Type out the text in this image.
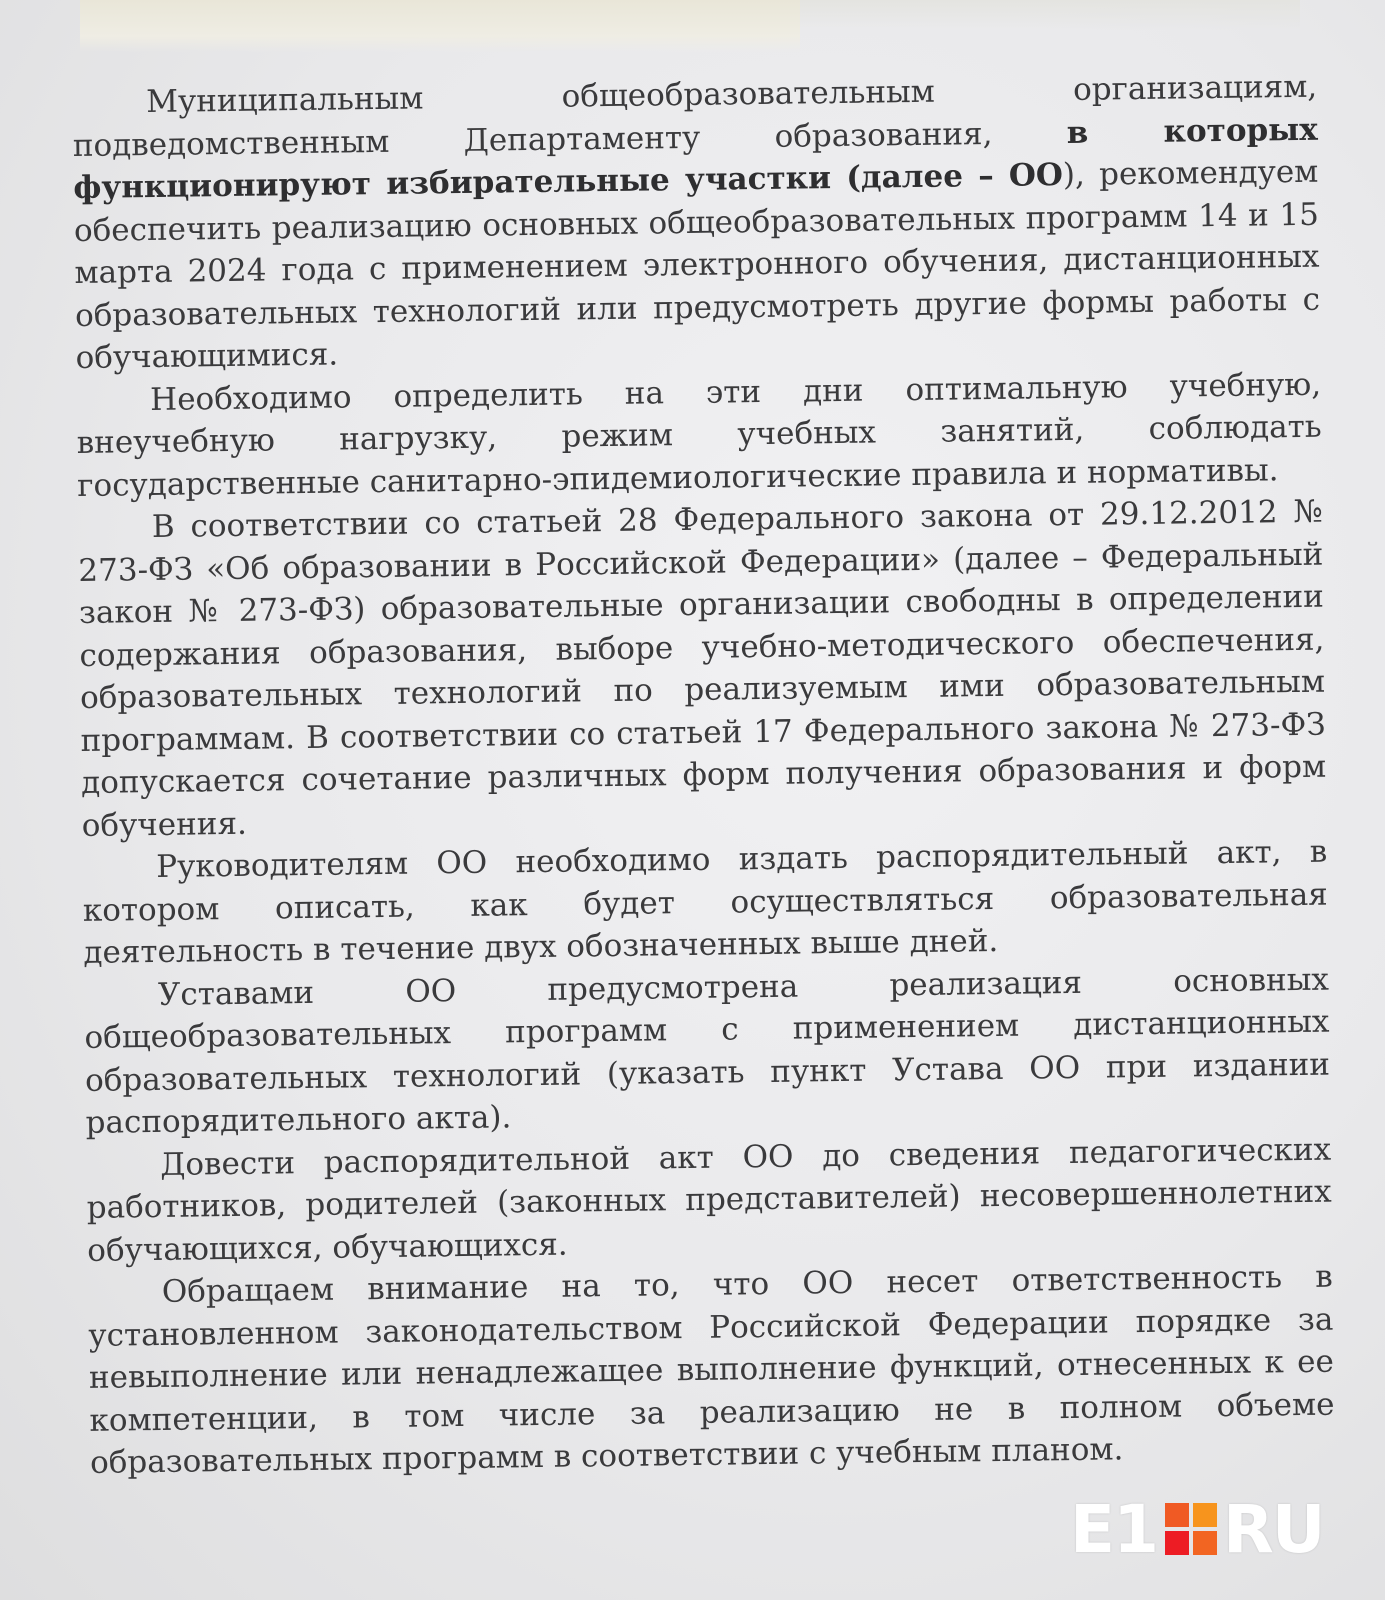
Муниципальным общеобразовательным организациям, подведомственным Департаменту образования, в которых функционируют избирательные участки (далее – ОО), рекомендуем обеспечить реализацию основных общеобразовательных программ 14 и 15 марта 2024 года с применением электронного обучения, дистанционных образовательных технологий или предусмотреть другие формы работы с обучающимися.

Необходимо определить на эти дни оптимальную учебную, внеучебную нагрузку, режим учебных занятий, соблюдать государственные санитарно-эпидемиологические правила и нормативы.

В соответствии со статьей 28 Федерального закона от 29.12.2012 № 273-ФЗ «Об образовании в Российской Федерации» (далее – Федеральный закон № 273-ФЗ) образовательные организации свободны в определении содержания образования, выборе учебно-методического обеспечения, образовательных технологий по реализуемым ими образовательным программам. В соответствии со статьей 17 Федерального закона № 273-ФЗ допускается сочетание различных форм получения образования и форм обучения.

Руководителям ОО необходимо издать распорядительный акт, в котором описать, как будет осуществляться образовательная деятельность в течение двух обозначенных выше дней.

Уставами ОО предусмотрена реализация основных общеобразовательных программ с применением дистанционных образовательных технологий (указать пункт Устава ОО при издании распорядительного акта).

Довести распорядительной акт ОО до сведения педагогических работников, родителей (законных представителей) несовершеннолетних обучающихся, обучающихся.

Обращаем внимание на то, что ОО несет ответственность в установленном законодательством Российской Федерации порядке за невыполнение или ненадлежащее выполнение функций, отнесенных к ее компетенции, в том числе за реализацию не в полном объеме образовательных программ в соответствии с учебным планом.

E1 RU
